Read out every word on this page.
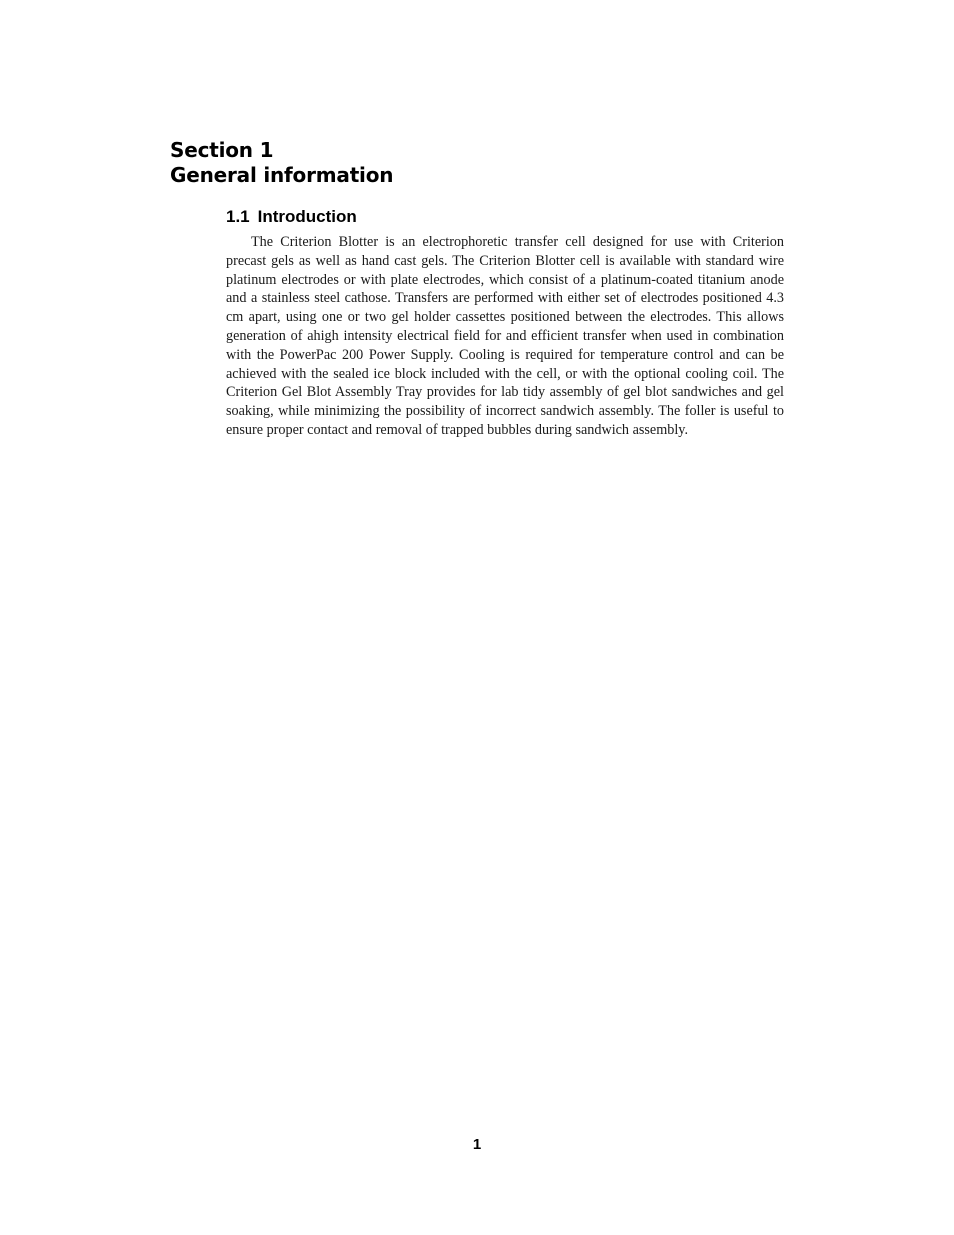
Section 1
General information
1.1 Introduction

The Criterion Blotter is an electrophoretic transfer cell designed for use with Criterion precast gels as well as hand cast gels. The Criterion Blotter cell is available with standard wire platinum electrodes or with plate electrodes, which consist of a platinum-coated titanium anode and a stainless steel cathose. Transfers are performed with either set of electrodes positioned 4.3 cm apart, using one or two gel holder cassettes positioned between the electrodes. This allows generation of ahigh intensity electrical field for and efficient transfer when used in combination with the PowerPac 200 Power Supply. Cooling is required for temperature control and can be achieved with the sealed ice block included with the cell, or with the optional cooling coil. The Criterion Gel Blot Assembly Tray provides for lab tidy assembly of gel blot sandwiches and gel soaking, while minimizing the possibility of incorrect sandwich assembly. The foller is useful to ensure proper contact and removal of trapped bubbles during sandwich assembly.

1
